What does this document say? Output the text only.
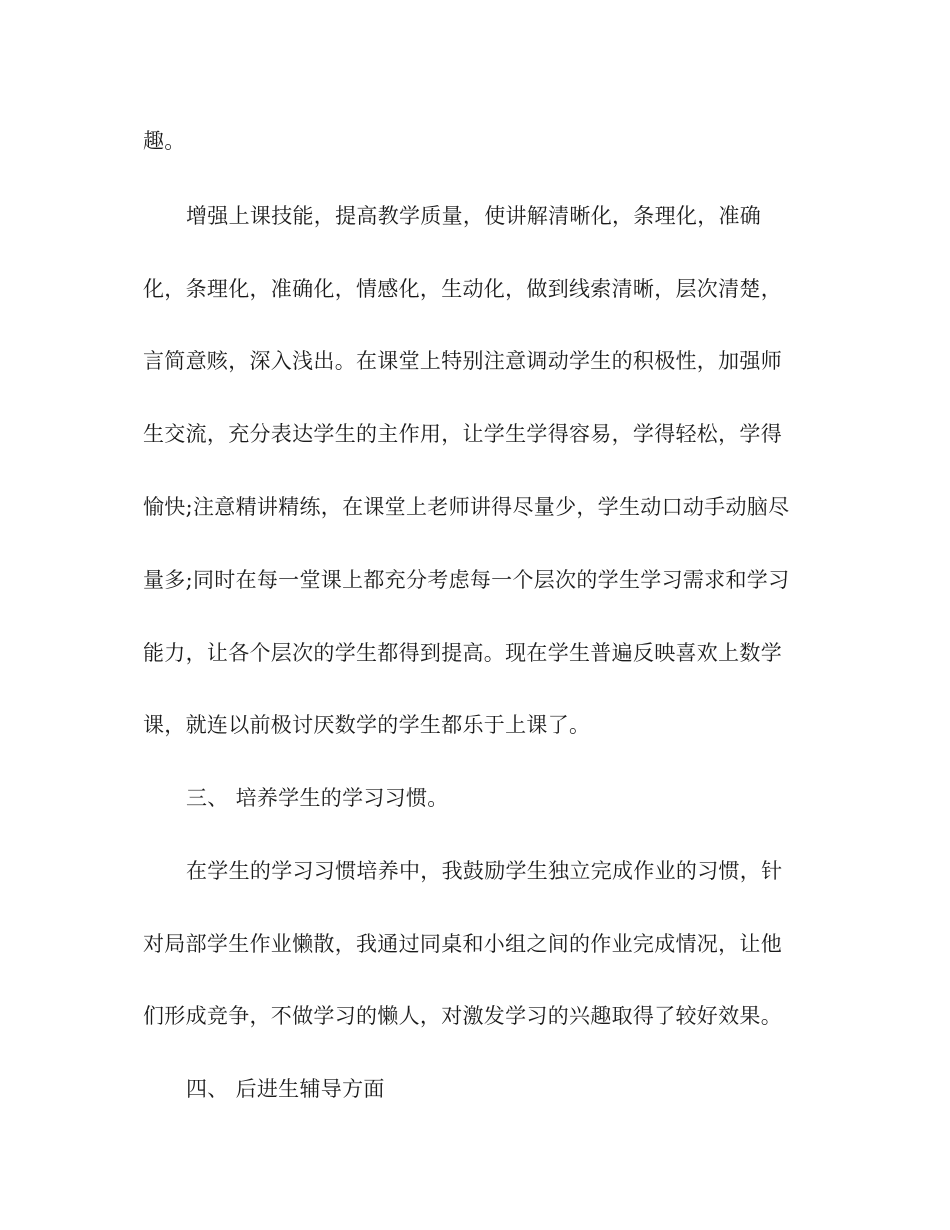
趣。

增强上课技能，提高教学质量，使讲解清晰化，条理化，准确

化，条理化，准确化，情感化，生动化，做到线索清晰，层次清楚，

言简意赅，深入浅出。在课堂上特别注意调动学生的积极性，加强师

生交流，充分表达学生的主作用，让学生学得容易，学得轻松，学得

愉快;注意精讲精练，在课堂上老师讲得尽量少，学生动口动手动脑尽

量多;同时在每一堂课上都充分考虑每一个层次的学生学习需求和学习

能力，让各个层次的学生都得到提高。现在学生普遍反映喜欢上数学

课，就连以前极讨厌数学的学生都乐于上课了。

三、 培养学生的学习习惯。

在学生的学习习惯培养中，我鼓励学生独立完成作业的习惯，针

对局部学生作业懒散，我通过同桌和小组之间的作业完成情况，让他

们形成竞争，不做学习的懒人，对激发学习的兴趣取得了较好效果。

四、 后进生辅导方面
